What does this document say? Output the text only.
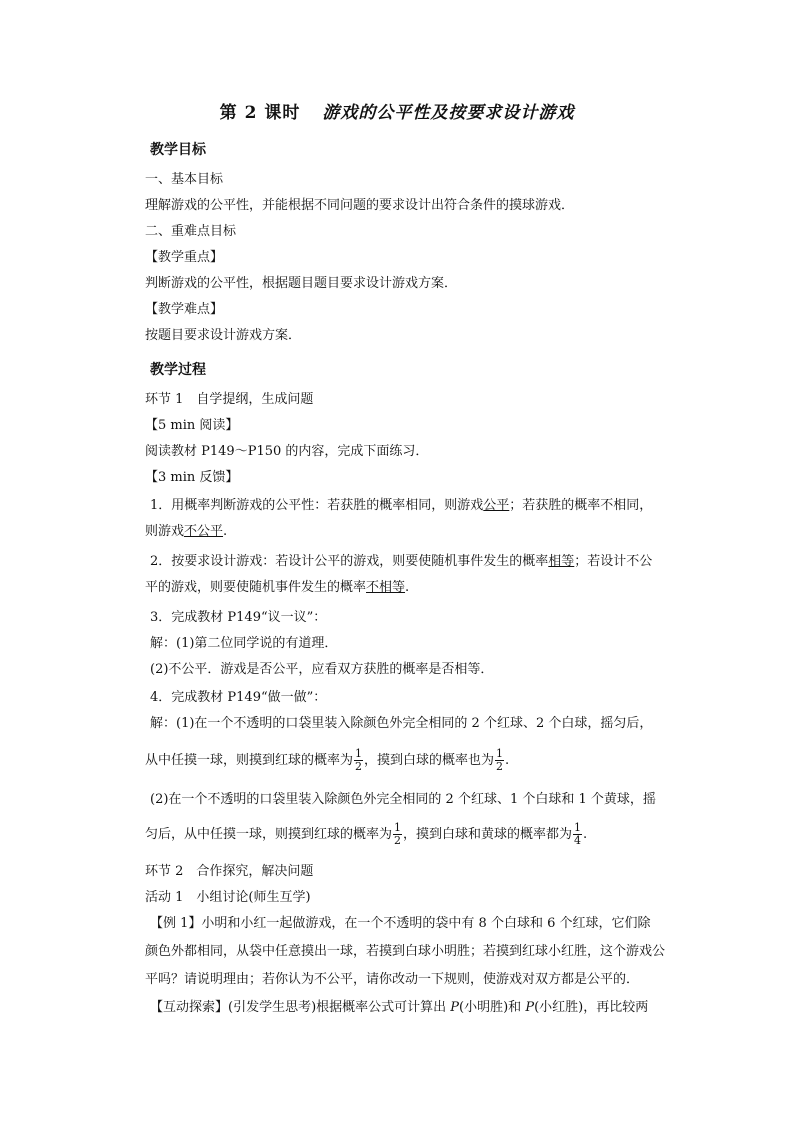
第 2 课时 游戏的公平性及按要求设计游戏
教学目标
一、基本目标
理解游戏的公平性，并能根据不同问题的要求设计出符合条件的摸球游戏．
二、重难点目标
【教学重点】
判断游戏的公平性，根据题目题目要求设计游戏方案．
【教学难点】
按题目要求设计游戏方案．
教学过程
环节 1　自学提纲，生成问题
【5 min 阅读】
阅读教材 P149～P150 的内容，完成下面练习．
【3 min 反馈】
1．用概率判断游戏的公平性：若获胜的概率相同，则游戏公平；若获胜的概率不相同，
则游戏不公平.
2．按要求设计游戏：若设计公平的游戏，则要使随机事件发生的概率相等；若设计不公
平的游戏，则要使随机事件发生的概率不相等.
3．完成教材 P149“议一议”：
解：(1)第二位同学说的有道理．
(2)不公平．游戏是否公平，应看双方获胜的概率是否相等．
4．完成教材 P149“做一做”：
解：(1)在一个不透明的口袋里装入除颜色外完全相同的 2 个红球、2 个白球，摇匀后，
从中任摸一球，则摸到红球的概率为 $\frac{1}{2}$ ，摸到白球的概率也为 $\frac{1}{2}$ .
(2)在一个不透明的口袋里装入除颜色外完全相同的 2 个红球、1 个白球和 1 个黄球，摇
匀后，从中任摸一球，则摸到红球的概率为 $\frac{1}{2}$ ，摸到白球和黄球的概率都为 $\frac{1}{4}$ .
环节 2　合作探究，解决问题
活动 1　小组讨论(师生互学)
【例 1】小明和小红一起做游戏，在一个不透明的袋中有 8 个白球和 6 个红球，它们除
颜色外都相同，从袋中任意摸出一球，若摸到白球小明胜；若摸到红球小红胜，这个游戏公
平吗？请说明理由；若你认为不公平，请你改动一下规则，使游戏对双方都是公平的．
【互动探索】(引发学生思考)根据概率公式可计算出 P(小明胜)和 P(小红胜)，再比较两
